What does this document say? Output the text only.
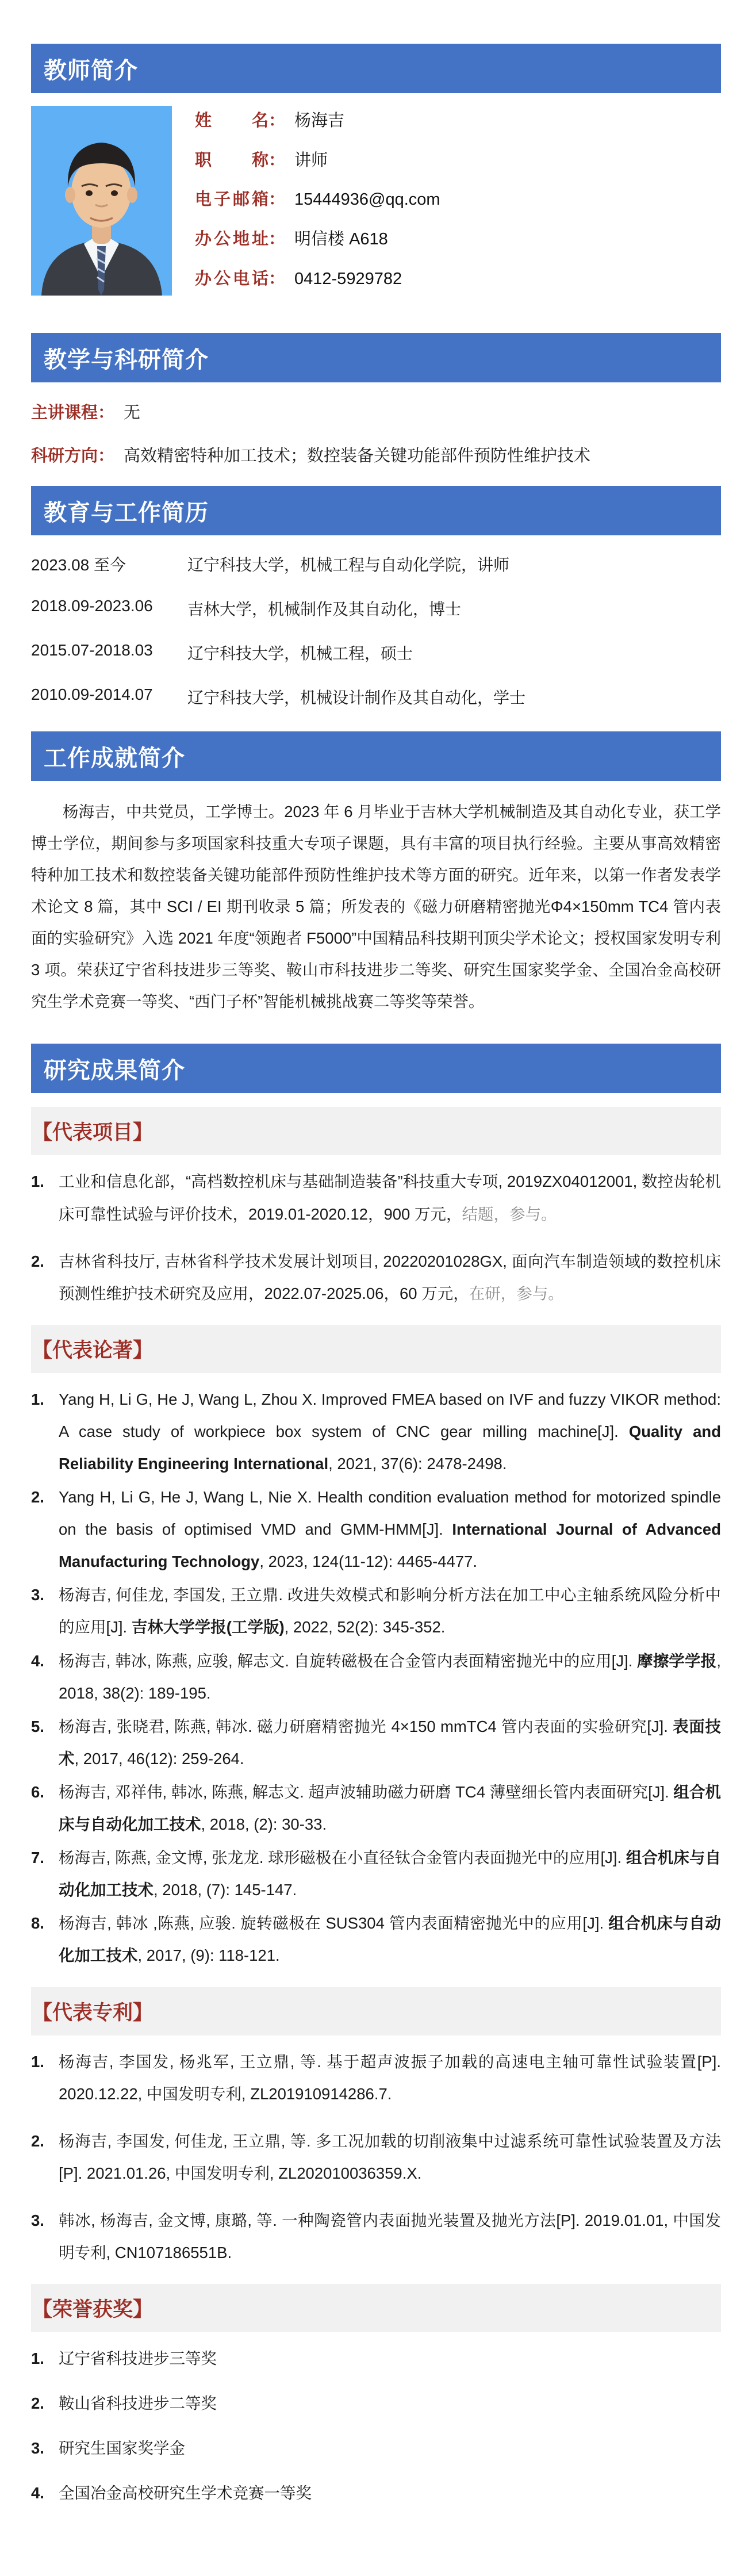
教师简介
姓名： 杨海吉
职称： 讲师
电子邮箱： 15444936@qq.com
办公地址： 明信楼 A618
办公电话： 0412-5929782
教学与科研简介
主讲课程： 无
科研方向： 高效精密特种加工技术；数控装备关键功能部件预防性维护技术
教育与工作简历
2023.08 至今	辽宁科技大学，机械工程与自动化学院，讲师
2018.09-2023.06	吉林大学，机械制作及其自动化，博士
2015.07-2018.03	辽宁科技大学，机械工程，硕士
2010.09-2014.07	辽宁科技大学，机械设计制作及其自动化，学士
工作成就简介

杨海吉，中共党员，工学博士。2023 年 6 月毕业于吉林大学机械制造及其自动化专业，获工学博士学位，期间参与多项国家科技重大专项子课题，具有丰富的项目执行经验。主要从事高效精密特种加工技术和数控装备关键功能部件预防性维护技术等方面的研究。近年来，以第一作者发表学术论文 8 篇，其中 SCI / EI 期刊收录 5 篇；所发表的《磁力研磨精密抛光Φ4×150mm TC4 管内表面的实验研究》入选 2021 年度“领跑者 F5000”中国精品科技期刊顶尖学术论文；授权国家发明专利 3 项。荣获辽宁省科技进步三等奖、鞍山市科技进步二等奖、研究生国家奖学金、全国冶金高校研究生学术竞赛一等奖、“西门子杯”智能机械挑战赛二等奖等荣誉。

研究成果简介
【代表项目】
1. 工业和信息化部，“高档数控机床与基础制造装备”科技重大专项, 2019ZX04012001, 数控齿轮机床可靠性试验与评价技术，2019.01-2020.12，900 万元，结题，参与。
2. 吉林省科技厅, 吉林省科学技术发展计划项目, 20220201028GX, 面向汽车制造领域的数控机床预测性维护技术研究及应用，2022.07-2025.06，60 万元，在研，参与。
【代表论著】
1. Yang H, Li G, He J, Wang L, Zhou X. Improved FMEA based on IVF and fuzzy VIKOR method: A case study of workpiece box system of CNC gear milling machine[J]. Quality and Reliability Engineering International, 2021, 37(6): 2478-2498.
2. Yang H, Li G, He J, Wang L, Nie X. Health condition evaluation method for motorized spindle on the basis of optimised VMD and GMM-HMM[J]. International Journal of Advanced Manufacturing Technology, 2023, 124(11-12): 4465-4477.
3. 杨海吉, 何佳龙, 李国发, 王立鼎. 改进失效模式和影响分析方法在加工中心主轴系统风险分析中的应用[J]. 吉林大学学报(工学版), 2022, 52(2): 345-352.
4. 杨海吉, 韩冰, 陈燕, 应骏, 解志文. 自旋转磁极在合金管内表面精密抛光中的应用[J]. 摩擦学学报, 2018, 38(2): 189-195.
5. 杨海吉, 张晓君, 陈燕, 韩冰. 磁力研磨精密抛光 4×150 mmTC4 管内表面的实验研究[J]. 表面技术, 2017, 46(12): 259-264.
6. 杨海吉, 邓祥伟, 韩冰, 陈燕, 解志文. 超声波辅助磁力研磨 TC4 薄壁细长管内表面研究[J]. 组合机床与自动化加工技术, 2018, (2): 30-33.
7. 杨海吉, 陈燕, 金文博, 张龙龙. 球形磁极在小直径钛合金管内表面抛光中的应用[J]. 组合机床与自动化加工技术, 2018, (7): 145-147.
8. 杨海吉, 韩冰 ,陈燕, 应骏. 旋转磁极在 SUS304 管内表面精密抛光中的应用[J]. 组合机床与自动化加工技术, 2017, (9): 118-121.
【代表专利】
1. 杨海吉, 李国发, 杨兆军, 王立鼎, 等. 基于超声波振子加载的高速电主轴可靠性试验装置[P]. 2020.12.22, 中国发明专利, ZL201910914286.7.
2. 杨海吉, 李国发, 何佳龙, 王立鼎, 等. 多工况加载的切削液集中过滤系统可靠性试验装置及方法[P]. 2021.01.26, 中国发明专利, ZL202010036359.X.
3. 韩冰, 杨海吉, 金文博, 康璐, 等. 一种陶瓷管内表面抛光装置及抛光方法[P]. 2019.01.01, 中国发明专利, CN107186551B.
【荣誉获奖】
1. 辽宁省科技进步三等奖
2. 鞍山省科技进步二等奖
3. 研究生国家奖学金
4. 全国冶金高校研究生学术竞赛一等奖
